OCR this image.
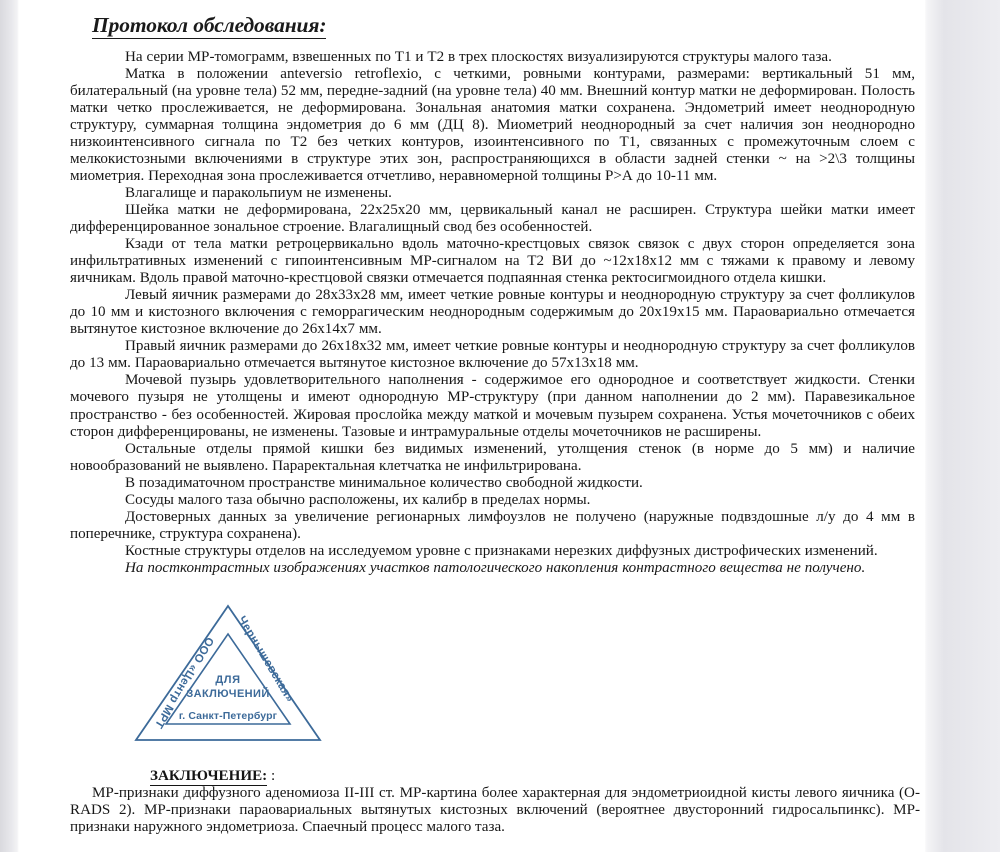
Протокол обследования:

На серии МР-томограмм, взвешенных по Т1 и Т2 в трех плоскостях визуализируются структуры малого таза.

Матка в положении anteversio retroflexio, с четкими, ровными контурами, размерами: вертикальный 51 мм, билатеральный (на уровне тела) 52 мм, передне-задний (на уровне тела) 40 мм. Внешний контур матки не деформирован. Полость матки четко прослеживается, не деформирована. Зональная анатомия матки сохранена. Эндометрий имеет неоднородную структуру, суммарная толщина эндометрия до 6 мм (ДЦ 8). Миометрий неоднородный за счет наличия зон неоднородно низкоинтенсивного сигнала по Т2 без четких контуров, изоинтенсивного по Т1, связанных с промежуточным слоем с мелкокистозными включениями в структуре этих зон, распространяющихся в области задней стенки ~ на >2\3 толщины миометрия. Переходная зона прослеживается отчетливо, неравномерной толщины Р>А до 10-11 мм.

Влагалище и паракольпиум не изменены.

Шейка матки не деформирована, 22x25x20 мм, цервикальный канал не расширен. Структура шейки матки имеет дифференцированное зональное строение. Влагалищный свод без особенностей.

Кзади от тела матки ретроцервикально вдоль маточно-крестцовых связок связок с двух сторон определяется зона инфильтративных изменений с гипоинтенсивным МР-сигналом на Т2 ВИ до ~12x18x12 мм с тяжами к правому и левому яичникам. Вдоль правой маточно-крестцовой связки отмечается подпаянная стенка ректосигмоидного отдела кишки.

Левый яичник размерами до 28x33x28 мм, имеет четкие ровные контуры и неоднородную структуру за счет фолликулов до 10 мм и кистозного включения с геморрагическим неоднородным содержимым до 20x19x15 мм. Параовариально отмечается вытянутое кистозное включение до 26x14x7 мм.

Правый яичник размерами до 26x18x32 мм, имеет четкие ровные контуры и неоднородную структуру за счет фолликулов до 13 мм. Параовариально отмечается вытянутое кистозное включение до 57x13x18 мм.

Мочевой пузырь удовлетворительного наполнения - содержимое его однородное и соответствует жидкости. Стенки мочевого пузыря не утолщены и имеют однородную МР-структуру (при данном наполнении до 2 мм). Паравезикальное пространство - без особенностей. Жировая прослойка между маткой и мочевым пузырем сохранена. Устья мочеточников с обеих сторон дифференцированы, не изменены. Тазовые и интрамуральные отделы мочеточников не расширены.

Остальные отделы прямой кишки без видимых изменений, утолщения стенок (в норме до 5 мм) и наличие новообразований не выявлено. Параректальная клетчатка не инфильтрирована.

В позадиматочном пространстве минимальное количество свободной жидкости.

Сосуды малого таза обычно расположены, их калибр в пределах нормы.

Достоверных данных за увеличение регионарных лимфоузлов не получено (наружные подвздошные л/у до 4 мм в поперечнике, структура сохранена).

Костные структуры отделов на исследуемом уровне с признаками нерезких диффузных дистрофических изменений.

На постконтрастных изображениях участков патологического накопления контрастного вещества не получено.

ООО «Центр МРТ
Чернышевская»
ДЛЯ
ЗАКЛЮЧЕНИЙ
г. Санкт-Петербург

ЗАКЛЮЧЕНИЕ: :

МР-признаки диффузного аденомиоза II-III ст. МР-картина более характерная для эндометриоидной кисты левого яичника (O-RADS 2). МР-признаки параовариальных вытянутых кистозных включений (вероятнее двусторонний гидросальпинкс). МР-признаки наружного эндометриоза. Спаечный процесс малого таза.
